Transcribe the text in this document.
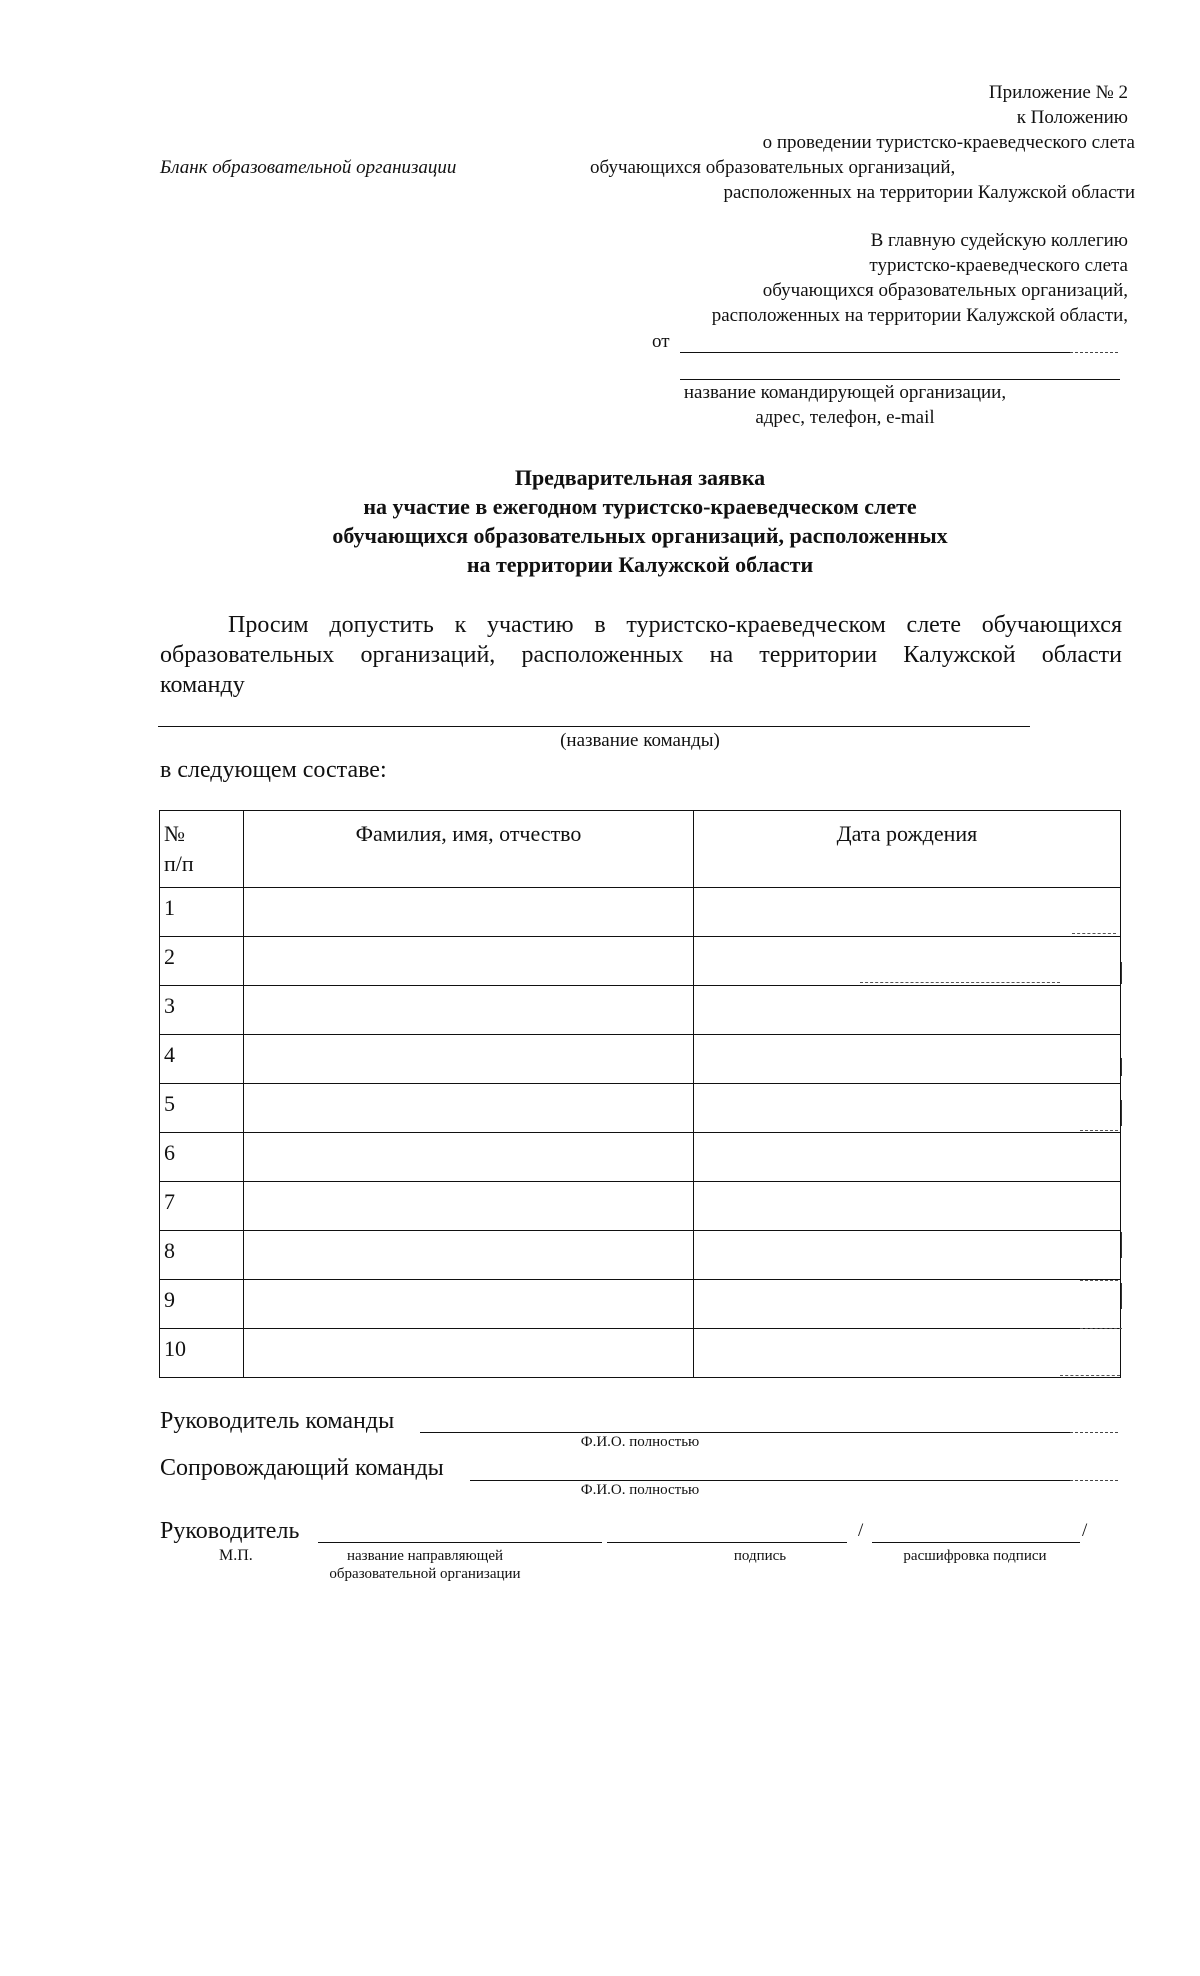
Приложение № 2
к Положению
о проведении туристско-краеведческого слета
обучающихся образовательных организаций,
расположенных на территории Калужской области
Бланк образовательной организации
В главную судейскую коллегию
туристско-краеведческого слета
обучающихся образовательных организаций,
расположенных на территории Калужской области,
от
название командирующей организации,
адрес, телефон, e-mail
Предварительная заявка
на участие в ежегодном туристско-краеведческом слете
обучающихся образовательных организаций, расположенных
на территории Калужской области
Просим допустить к участию в туристско-краеведческом слете обучающихся
образовательных организаций, расположенных на территории Калужской области
команду
(название команды)
в следующем составе:
№ п/п	Фамилия, имя, отчество	Дата рождения
1		
2		
3		
4		
5		
6		
7		
8		
9		
10		
Руководитель команды
Ф.И.О. полностью
Сопровождающий команды
Ф.И.О. полностью
Руководитель	/	/
М.П.	название направляющей
образовательной организации
подпись	расшифровка подписи
